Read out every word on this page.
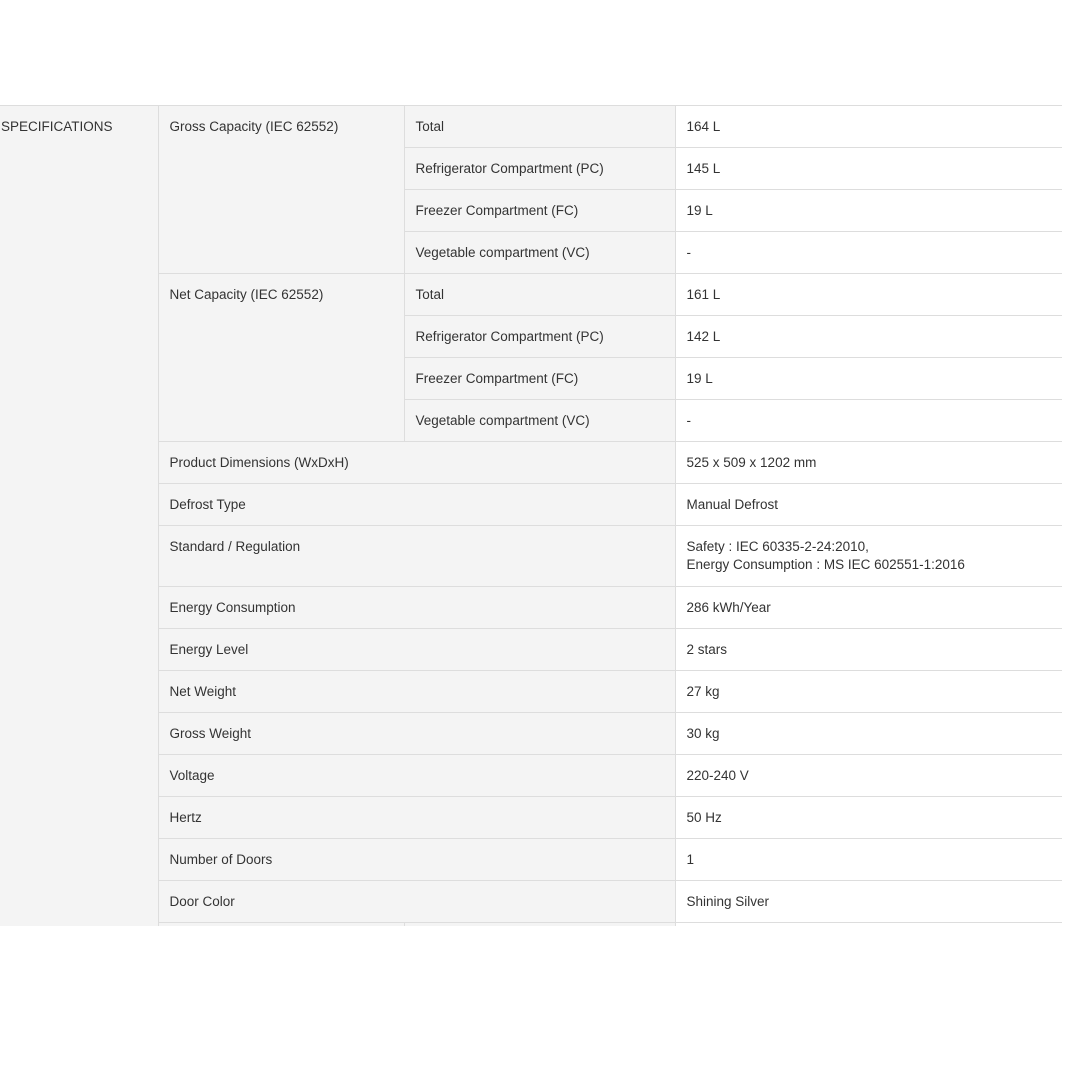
SPECIFICATIONS	Gross Capacity (IEC 62552)	Total	164 L
		Refrigerator Compartment (PC)	145 L
		Freezer Compartment (FC)	19 L
		Vegetable compartment (VC)	-
	Net Capacity (IEC 62552)	Total	161 L
		Refrigerator Compartment (PC)	142 L
		Freezer Compartment (FC)	19 L
		Vegetable compartment (VC)	-
	Product Dimensions (WxDxH)		525 x 509 x 1202 mm
	Defrost Type		Manual Defrost
	Standard / Regulation		Safety : IEC 60335-2-24:2010,
Energy Consumption : MS IEC 602551-1:2016

	Energy Consumption		286 kWh/Year
	Energy Level		2 stars
	Net Weight		27 kg
	Gross Weight		30 kg
	Voltage		220-240 V
	Hertz		50 Hz
	Number of Doors		1
	Door Color		Shining Silver
